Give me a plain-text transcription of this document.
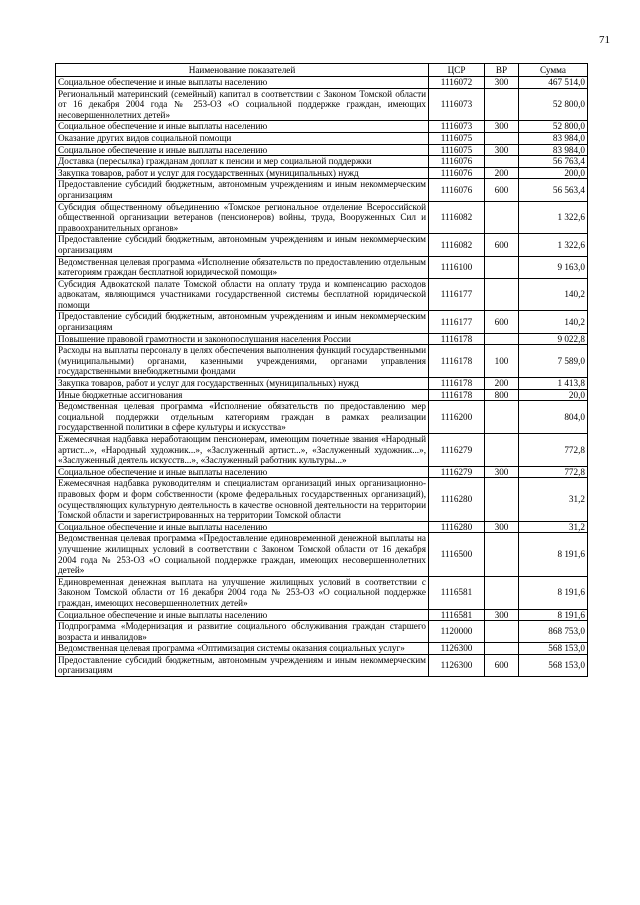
71
Наименование показателей	ЦСР	ВР	Сумма
Социальное обеспечение и иные выплаты населению	1116072	300	467 514,0
Региональный материнский (семейный) капитал в соответствии с Законом Томской области от 16 декабря 2004 года № 253-ОЗ «О социальной поддержке граждан, имеющих несовершеннолетних детей»	1116073		52 800,0
Социальное обеспечение и иные выплаты населению	1116073	300	52 800,0
Оказание других видов социальной помощи	1116075		83 984,0
Социальное обеспечение и иные выплаты населению	1116075	300	83 984,0
Доставка (пересылка) гражданам доплат к пенсии и мер социальной поддержки	1116076		56 763,4
Закупка товаров, работ и услуг для государственных (муниципальных) нужд	1116076	200	200,0
Предоставление субсидий бюджетным, автономным учреждениям и иным некоммерческим организациям	1116076	600	56 563,4
Субсидия общественному объединению «Томское региональное отделение Всероссийской общественной организации ветеранов (пенсионеров) войны, труда, Вооруженных Сил и правоохранительных органов»	1116082		1 322,6
Предоставление субсидий бюджетным, автономным учреждениям и иным некоммерческим организациям	1116082	600	1 322,6
Ведомственная целевая программа «Исполнение обязательств по предоставлению отдельным категориям граждан бесплатной юридической помощи»	1116100		9 163,0
Субсидия Адвокатской палате Томской области на оплату труда и компенсацию расходов адвокатам, являющимся участниками государственной системы бесплатной юридической помощи	1116177		140,2
Предоставление субсидий бюджетным, автономным учреждениям и иным некоммерческим организациям	1116177	600	140,2
Повышение правовой грамотности и законопослушания населения России	1116178		9 022,8
Расходы на выплаты персоналу в целях обеспечения выполнения функций государственными (муниципальными) органами, казенными учреждениями, органами управления государственными внебюджетными фондами	1116178	100	7 589,0
Закупка товаров, работ и услуг для государственных (муниципальных) нужд	1116178	200	1 413,8
Иные бюджетные ассигнования	1116178	800	20,0
Ведомственная целевая программа «Исполнение обязательств по предоставлению мер социальной поддержки отдельным категориям граждан в рамках реализации государственной политики в сфере культуры и искусства»	1116200		804,0
Ежемесячная надбавка неработающим пенсионерам, имеющим почетные звания «Народный артист...», «Народный художник...», «Заслуженный артист...», «Заслуженный художник...», «Заслуженный деятель искусств...», «Заслуженный работник культуры...»	1116279		772,8
Социальное обеспечение и иные выплаты населению	1116279	300	772,8
Ежемесячная надбавка руководителям и специалистам организаций иных организационно-правовых форм и форм собственности (кроме федеральных государственных организаций), осуществляющих культурную деятельность в качестве основной деятельности на территории Томской области и зарегистрированных на территории Томской области	1116280		31,2
Социальное обеспечение и иные выплаты населению	1116280	300	31,2
Ведомственная целевая программа «Предоставление единовременной денежной выплаты на улучшение жилищных условий в соответствии с Законом Томской области от 16 декабря 2004 года № 253-ОЗ «О социальной поддержке граждан, имеющих несовершеннолетних детей»	1116500		8 191,6
Единовременная денежная выплата на улучшение жилищных условий в соответствии с Законом Томской области от 16 декабря 2004 года № 253-ОЗ «О социальной поддержке граждан, имеющих несовершеннолетних детей»	1116581		8 191,6
Социальное обеспечение и иные выплаты населению	1116581	300	8 191,6
Подпрограмма «Модернизация и развитие социального обслуживания граждан старшего возраста и инвалидов»	1120000		868 753,0
Ведомственная целевая программа «Оптимизация системы оказания социальных услуг»	1126300		568 153,0
Предоставление субсидий бюджетным, автономным учреждениям и иным некоммерческим организациям	1126300	600	568 153,0
